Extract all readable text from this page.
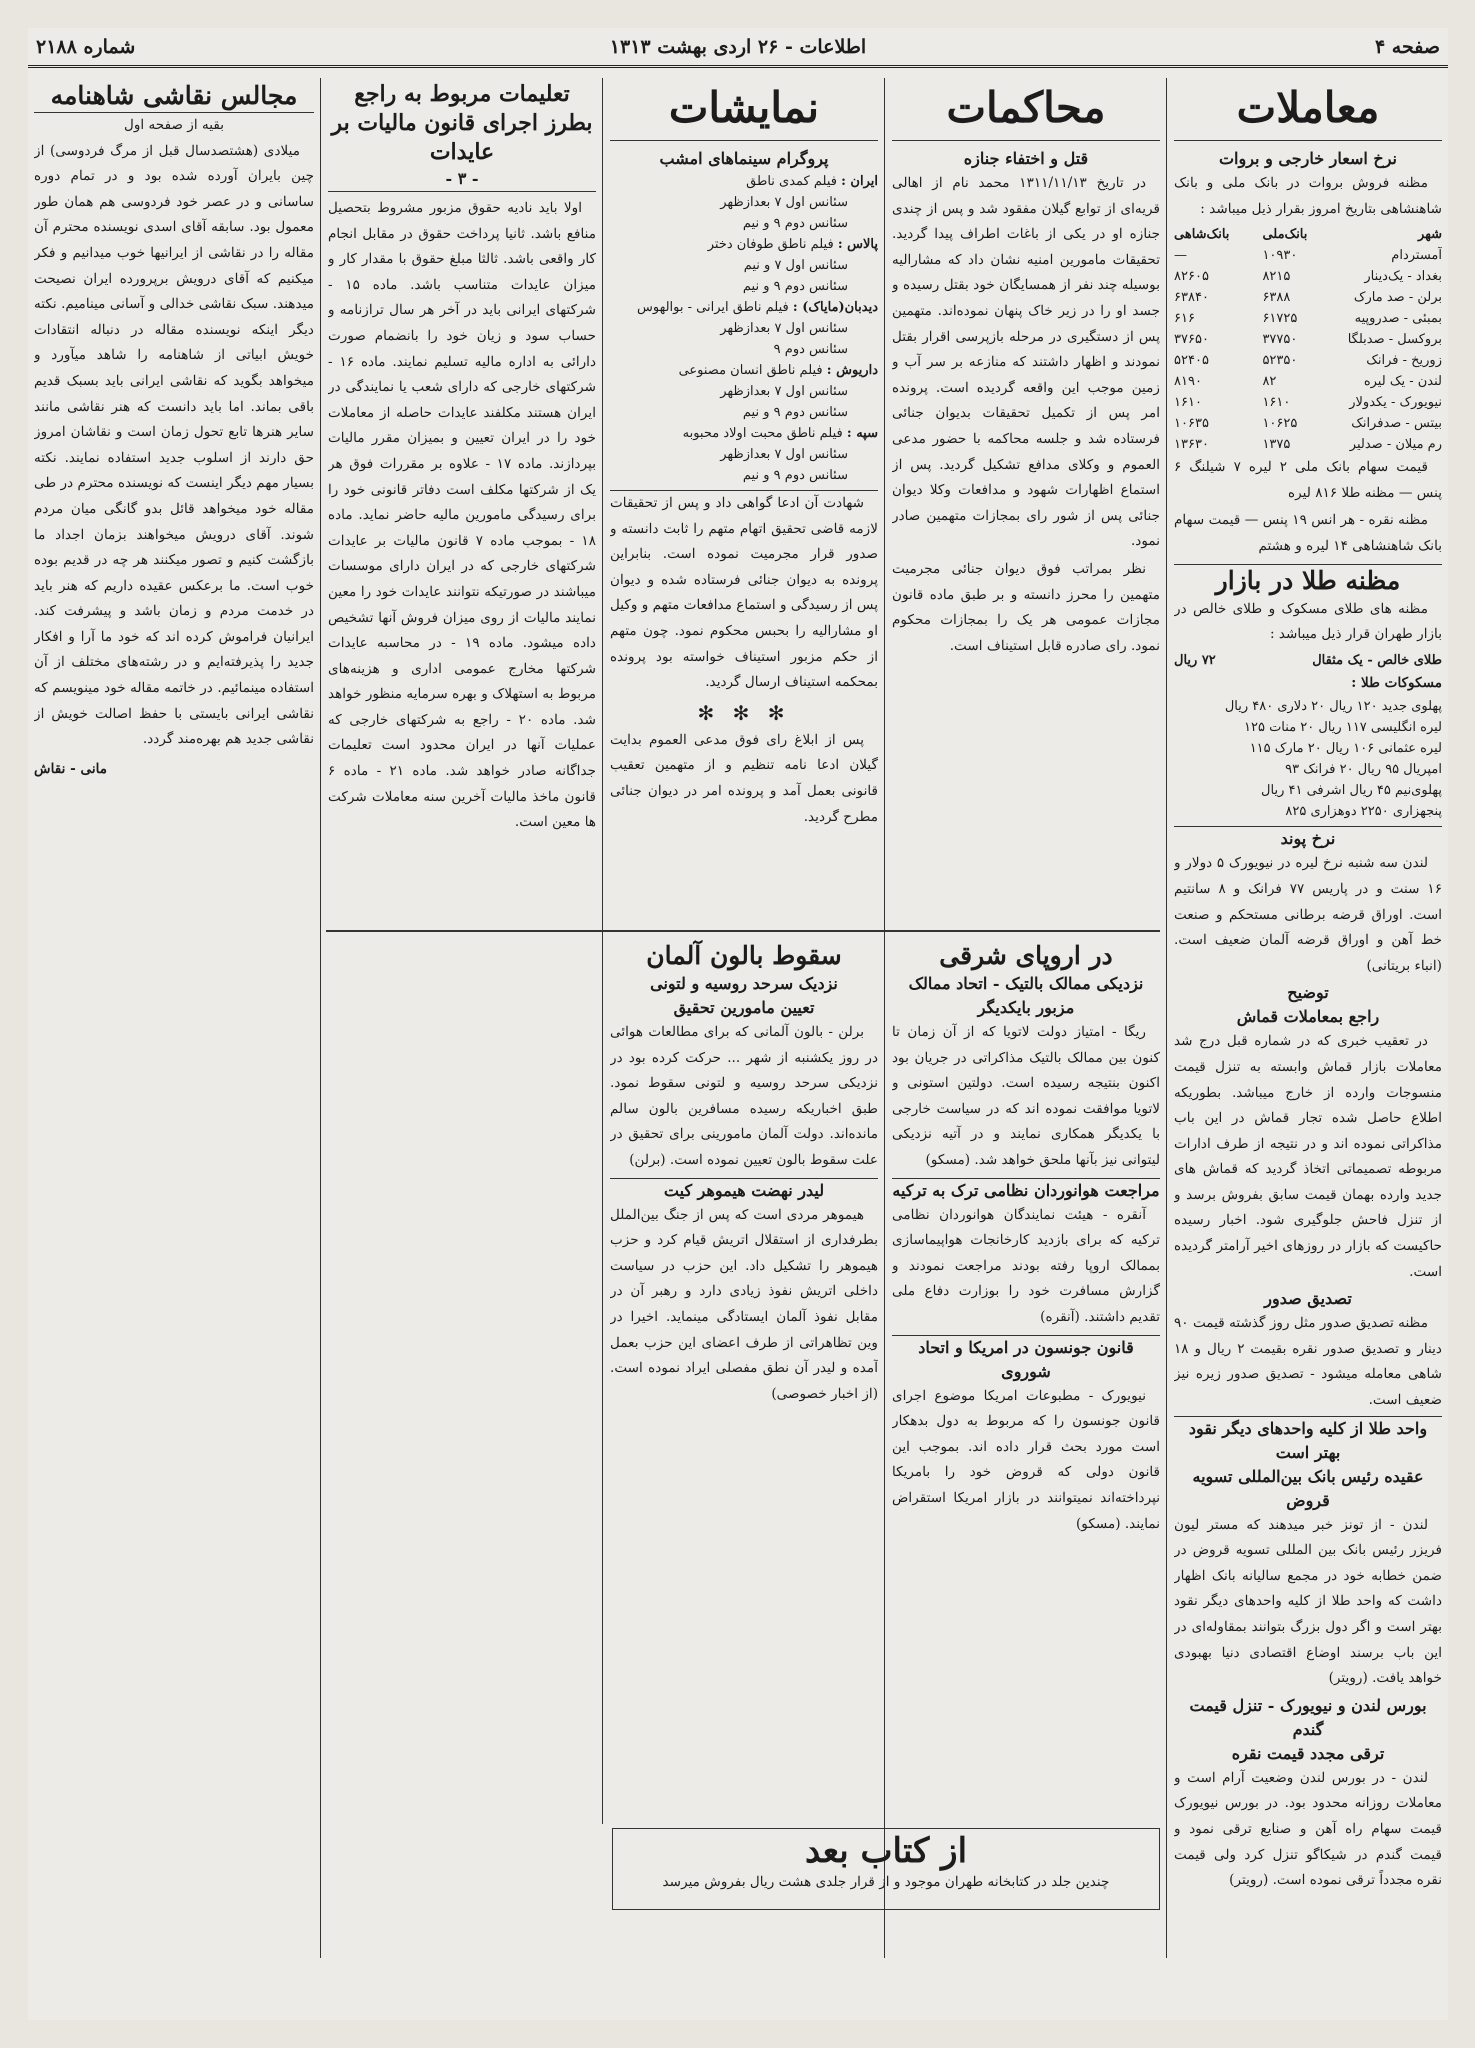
صفحه ۴
اطلاعات - ۲۶ اردی بهشت ۱۳۱۳
شماره ۲۱۸۸
معاملات
نرخ اسعار خارجی و بروات
مظنه فروش بروات در بانک ملی و بانک شاهنشاهی بتاریخ امروز بقرار ذیل میباشد :
شهر
بانک‌ملی
بانک‌شاهی
آمستردام
۱۰۹۳۰
—
بغداد - یک‌دینار
۸۲۱۵
۸۲۶۰۵
برلن - صد مارک
۶۳۸۸
۶۳۸۴۰
بمبئی - صدروپیه
۶۱۷۲۵
۶۱۶
بروکسل - صدبلگا
۳۷۷۵۰
۳۷۶۵۰
زوریخ - فرانک
۵۲۳۵۰
۵۲۴۰۵
لندن - یک لیره
۸۲
۸۱۹۰
نیویورک - یکدولار
۱۶۱۰
۱۶۱۰
بیتس - صدفرانک
۱۰۶۲۵
۱۰۶۳۵
رم میلان - صدلیر
۱۳۷۵
۱۳۶۳۰
قیمت سهام بانک ملی ۲ لیره ۷ شیلنگ ۶ پنس — مظنه طلا ۸۱۶ لیره
مظنه نقره - هر انس ۱۹ پنس — قیمت سهام بانک شاهنشاهی ۱۴ لیره و هشتم
مظنه طلا در بازار
مظنه های طلای مسکوک و طلای خالص در بازار طهران قرار ذیل میباشد :
طلای خالص - یک مثقال
۷۲ ریال
مسکوکات طلا :
پهلوی جدید ۱۲۰ ریال ۲۰ دلاری ۴۸۰ ریال
لیره انگلیسی ۱۱۷ ریال ۲۰ منات ۱۲۵
لیره عثمانی ۱۰۶ ریال ۲۰ مارک ۱۱۵
امپریال ۹۵ ریال ۲۰ فرانک ۹۳
پهلوی‌نیم ۴۵ ریال اشرفی ۴۱ ریال
پنجهزاری ۲۲۵۰ دوهزاری ۸۲۵
نرخ پوند
لندن سه شنبه نرخ لیره در نیویورک ۵ دولار و ۱۶ سنت و در پاریس ۷۷ فرانک و ۸ سانتیم است. اوراق قرضه برطانی مستحکم و صنعت خط آهن و اوراق قرضه آلمان ضعیف است. (انباء بریتانی)
توضیح
راجع بمعاملات قماش
در تعقیب خبری که در شماره قبل درج شد معاملات بازار قماش وابسته به تنزل قیمت منسوجات وارده از خارج میباشد. بطوریکه اطلاع حاصل شده تجار قماش در این باب مذاکراتی نموده اند و در نتیجه از طرف ادارات مربوطه تصمیماتی اتخاذ گردید که قماش های جدید وارده بهمان قیمت سابق بفروش برسد و از تنزل فاحش جلوگیری شود. اخبار رسیده حاکیست که بازار در روزهای اخیر آرامتر گردیده است.
تصدیق صدور
مظنه تصدیق صدور مثل روز گذشته قیمت ۹۰ دینار و تصدیق صدور نقره بقیمت ۲ ریال و ۱۸ شاهی معامله میشود - تصدیق صدور زیره نیز ضعیف است.
واحد طلا از کلیه واحدهای دیگر نقود بهتر است
عقیده رئیس بانک بین‌المللی تسویه قروض
لندن - از تونز خبر میدهند که مستر لیون فریزر رئیس بانک بین المللی تسویه قروض در ضمن خطابه خود در مجمع سالیانه بانک اظهار داشت که واحد طلا از کلیه واحدهای دیگر نقود بهتر است و اگر دول بزرگ بتوانند بمقاوله‌ای در این باب برسند اوضاع اقتصادی دنیا بهبودی خواهد یافت. (رویتر)
بورس لندن و نیویورک - تنزل قیمت گندم
ترقی مجدد قیمت نقره
لندن - در بورس لندن وضعیت آرام است و معاملات روزانه محدود بود. در بورس نیویورک قیمت سهام راه آهن و صنایع ترقی نمود و قیمت گندم در شیکاگو تنزل کرد ولی قیمت نقره مجدداً ترقی نموده است. (رویتر)
محاکمات
قتل و اختفاء جنازه
در تاریخ ۱۳۱۱/۱۱/۱۳ محمد نام از اهالی قریه‌ای از توابع گیلان مفقود شد و پس از چندی جنازه او در یکی از باغات اطراف پیدا گردید. تحقیقات مامورین امنیه نشان داد که مشارالیه بوسیله چند نفر از همسایگان خود بقتل رسیده و جسد او را در زیر خاک پنهان نموده‌اند. متهمین پس از دستگیری در مرحله بازپرسی اقرار بقتل نمودند و اظهار داشتند که منازعه بر سر آب و زمین موجب این واقعه گردیده است. پرونده امر پس از تکمیل تحقیقات بدیوان جنائی فرستاده شد و جلسه محاکمه با حضور مدعی العموم و وکلای مدافع تشکیل گردید. پس از استماع اظهارات شهود و مدافعات وکلا دیوان جنائی پس از شور رای بمجازات متهمین صادر نمود.
نظر بمراتب فوق دیوان جنائی مجرمیت متهمین را محرز دانسته و بر طبق ماده قانون مجازات عمومی هر یک را بمجازات محکوم نمود. رای صادره قابل استیناف است.
نمایشات
پروگرام سینماهای امشب
ایران : فیلم کمدی ناطق
سئانس اول ۷ بعدازظهر
سئانس دوم ۹ و نیم
پالاس : فیلم ناطق طوفان دختر
سئانس اول ۷ و نیم
سئانس دوم ۹ و نیم
دیدبان(مایاک) : فیلم ناطق ایرانی - بوالهوس
سئانس اول ۷ بعدازظهر
سئانس دوم ۹
داریوش : فیلم ناطق انسان مصنوعی
سئانس اول ۷ بعدازظهر
سئانس دوم ۹ و نیم
سپه : فیلم ناطق محبت اولاد محبوبه
سئانس اول ۷ بعدازظهر
سئانس دوم ۹ و نیم
شهادت آن ادعا گواهی داد و پس از تحقیقات لازمه قاضی تحقیق اتهام متهم را ثابت دانسته و صدور قرار مجرمیت نموده است. بنابراین پرونده به دیوان جنائی فرستاده شده و دیوان پس از رسیدگی و استماع مدافعات متهم و وکیل او مشارالیه را بحبس محکوم نمود. چون متهم از حکم مزبور استیناف خواسته بود پرونده بمحکمه استیناف ارسال گردید.
✻ ✻ ✻
پس از ابلاغ رای فوق مدعی العموم بدایت گیلان ادعا نامه تنظیم و از متهمین تعقیب قانونی بعمل آمد و پرونده امر در دیوان جنائی مطرح گردید.
تعلیمات مربوط به راجع بطرز اجرای قانون مالیات بر عایدات
- ۳ -
اولا باید نادیه حقوق مزبور مشروط بتحصیل منافع باشد. ثانیا پرداخت حقوق در مقابل انجام کار واقعی باشد. ثالثا مبلغ حقوق با مقدار کار و میزان عایدات متناسب باشد. ماده ۱۵ - شرکتهای ایرانی باید در آخر هر سال ترازنامه و حساب سود و زیان خود را بانضمام صورت دارائی به اداره مالیه تسلیم نمایند. ماده ۱۶ - شرکتهای خارجی که دارای شعب یا نمایندگی در ایران هستند مکلفند عایدات حاصله از معاملات خود را در ایران تعیین و بمیزان مقرر مالیات بپردازند. ماده ۱۷ - علاوه بر مقررات فوق هر یک از شرکتها مکلف است دفاتر قانونی خود را برای رسیدگی مامورین مالیه حاضر نماید. ماده ۱۸ - بموجب ماده ۷ قانون مالیات بر عایدات شرکتهای خارجی که در ایران دارای موسسات میباشند در صورتیکه نتوانند عایدات خود را معین نمایند مالیات از روی میزان فروش آنها تشخیص داده میشود. ماده ۱۹ - در محاسبه عایدات شرکتها مخارج عمومی اداری و هزینه‌های مربوط به استهلاک و بهره سرمایه منظور خواهد شد. ماده ۲۰ - راجع به شرکتهای خارجی که عملیات آنها در ایران محدود است تعلیمات جداگانه صادر خواهد شد. ماده ۲۱ - ماده ۶ قانون ماخذ مالیات آخرین سنه معاملات شرکت ها معین است.
مجالس نقاشی شاهنامه
بقیه از صفحه اول
میلادی (هشتصدسال قبل از مرگ فردوسی) از چین بایران آورده شده بود و در تمام دوره ساسانی و در عصر خود فردوسی هم همان طور معمول بود. سابقه آقای اسدی نویسنده محترم آن مقاله را در نقاشی از ایرانیها خوب میدانیم و فکر میکنیم که آقای درویش برپرورده ایران نصیحت میدهند. سبک نقاشی خدالی و آسانی مینامیم. نکته دیگر اینکه نویسنده مقاله در دنباله انتقادات خویش ابیاتی از شاهنامه را شاهد میآورد و میخواهد بگوید که نقاشی ایرانی باید بسبک قدیم باقی بماند. اما باید دانست که هنر نقاشی مانند سایر هنرها تابع تحول زمان است و نقاشان امروز حق دارند از اسلوب جدید استفاده نمایند. نکته بسیار مهم دیگر اینست که نویسنده محترم در طی مقاله خود میخواهد قائل بدو گانگی میان مردم شوند. آقای درویش میخواهند بزمان اجداد ما بازگشت کنیم و تصور میکنند هر چه در قدیم بوده خوب است. ما برعکس عقیده داریم که هنر باید در خدمت مردم و زمان باشد و پیشرفت کند. ایرانیان فراموش کرده اند که خود ما آرا و افکار جدید را پذیرفته‌ایم و در رشته‌های مختلف از آن استفاده مینمائیم. در خاتمه مقاله خود مینویسم که نقاشی ایرانی بایستی با حفظ اصالت خویش از نقاشی جدید هم بهره‌مند گردد.
مانی - نقاش
سقوط بالون آلمان
نزدیک سرحد روسیه و لتونی
تعیین مامورین تحقیق
برلن - بالون آلمانی که برای مطالعات هوائی در روز یکشنبه از شهر ... حرکت کرده بود در نزدیکی سرحد روسیه و لتونی سقوط نمود. طبق اخباریکه رسیده مسافرین بالون سالم مانده‌اند. دولت آلمان مامورینی برای تحقیق در علت سقوط بالون تعیین نموده است. (برلن)
لیدر نهضت هیموهر کیت
هیموهر مردی است که پس از جنگ بین‌الملل بطرفداری از استقلال اتریش قیام کرد و حزب هیموهر را تشکیل داد. این حزب در سیاست داخلی اتریش نفوذ زیادی دارد و رهبر آن در مقابل نفوذ آلمان ایستادگی مینماید. اخیرا در وین تظاهراتی از طرف اعضای این حزب بعمل آمده و لیدر آن نطق مفصلی ایراد نموده است. (از اخبار خصوصی)
در اروپای شرقی
نزدیکی ممالک بالتیک - اتحاد ممالک
مزبور بایکدیگر
ریگا - امتیاز دولت لاتویا که از آن زمان تا کنون بین ممالک بالتیک مذاکراتی در جریان بود اکنون بنتیجه رسیده است. دولتین استونی و لاتویا موافقت نموده اند که در سیاست خارجی با یکدیگر همکاری نمایند و در آتیه نزدیکی لیتوانی نیز بآنها ملحق خواهد شد. (مسکو)
مراجعت هوانوردان نظامی ترک به ترکیه
آنقره - هیئت نمایندگان هوانوردان نظامی ترکیه که برای بازدید کارخانجات هواپیماسازی بممالک اروپا رفته بودند مراجعت نمودند و گزارش مسافرت خود را بوزارت دفاع ملی تقدیم داشتند. (آنقره)
قانون جونسون در امریکا و اتحاد شوروی
نیویورک - مطبوعات امریکا موضوع اجرای قانون جونسون را که مربوط به دول بدهکار است مورد بحث قرار داده اند. بموجب این قانون دولی که قروض خود را بامریکا نپرداخته‌اند نمیتوانند در بازار امریکا استقراض نمایند. (مسکو)
از کتاب بعد
چندین جلد در کتابخانه طهران موجود و از قرار جلدی هشت ریال بفروش میرسد
